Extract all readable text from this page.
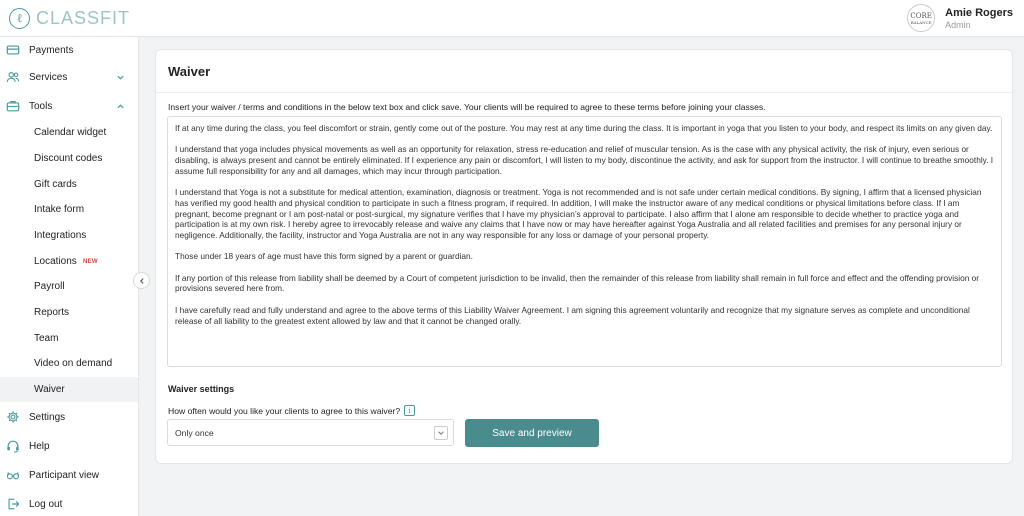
ℓ CLASSFIT	CORE
BALANCE
Amie Rogers
Admin
Payments
Services
Tools
Calendar widget
Discount codes
Gift cards
Intake form
Integrations
Locations NEW
Payroll
Reports
Team
Video on demand
Waiver
Settings
Help
Participant view
Log out
Waiver
Insert your waiver / terms and conditions in the below text box and click save. Your clients will be required to agree to these terms before joining your classes.

If at any time during the class, you feel discomfort or strain, gently come out of the posture. You may rest at any time during the class. It is important in yoga that you listen to your body, and respect its limits on any given day.

I understand that yoga includes physical movements as well as an opportunity for relaxation, stress re-education and relief of muscular tension. As is the case with any physical activity, the risk of injury, even serious or disabling, is always present and cannot be entirely eliminated. If I experience any pain or discomfort, I will listen to my body, discontinue the activity, and ask for support from the instructor. I will continue to breathe smoothly. I assume full responsibility for any and all damages, which may incur through participation.

I understand that Yoga is not a substitute for medical attention, examination, diagnosis or treatment. Yoga is not recommended and is not safe under certain medical conditions. By signing, I affirm that a licensed physician has verified my good health and physical condition to participate in such a fitness program, if required. In addition, I will make the instructor aware of any medical conditions or physical limitations before class. If I am pregnant, become pregnant or I am post-natal or post-surgical, my signature verifies that I have my physician’s approval to participate. I also affirm that I alone am responsible to decide whether to practice yoga and participation is at my own risk. I hereby agree to irrevocably release and waive any claims that I have now or may have hereafter against Yoga Australia and all related facilities and premises for any personal injury or negligence. Additionally, the facility, instructor and Yoga Australia are not in any way responsible for any loss or damage of your personal property.

Those under 18 years of age must have this form signed by a parent or guardian.

If any portion of this release from liability shall be deemed by a Court of competent jurisdiction to be invalid, then the remainder of this release from liability shall remain in full force and effect and the offending provision or provisions severed here from.

I have carefully read and fully understand and agree to the above terms of this Liability Waiver Agreement. I am signing this agreement voluntarily and recognize that my signature serves as complete and unconditional release of all liability to the greatest extent allowed by law and that it cannot be changed orally.

Waiver settings
How often would you like your clients to agree to this waiver?	i
Only once	Save and preview
